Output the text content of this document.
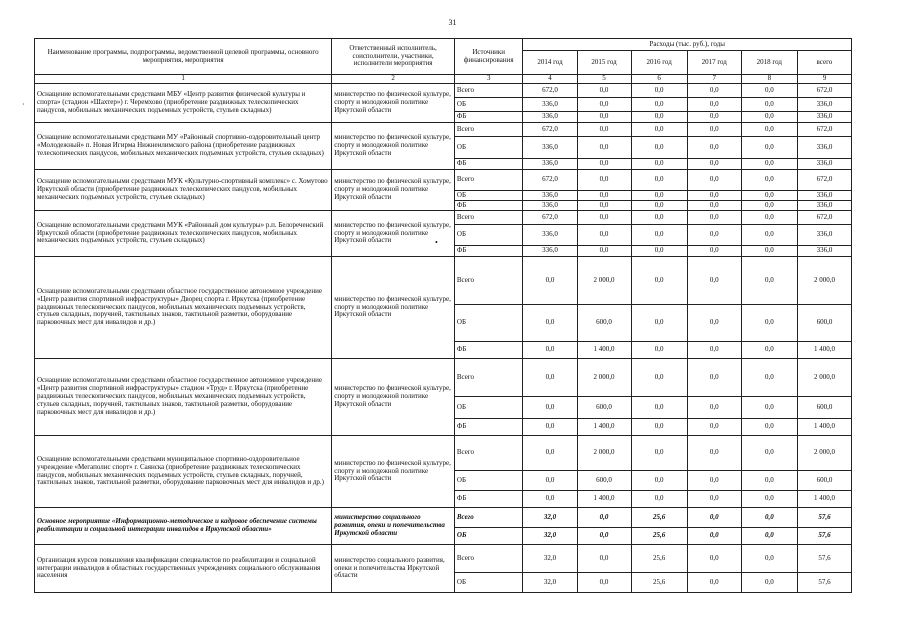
31
·
•
Наименование программы, подпрограммы, ведомственной целевой программы, основного мероприятия, мероприятия	Ответственный исполнитель, соисполнители, участники, исполнители мероприятия	Источники финансирования	Расходы (тыс. руб.), годы					
			2014 год	2015 год	2016 год	2017 год	2018 год	всего
1	2	3	4	5	6	7	8	9
Оснащение вспомогательными средствами МБУ «Центр развития физической культуры и спорта» (стадион «Шахтер») г. Черемхово (приобретение раздвижных телескопических пандусов, мобильных механических подъемных устройств, стульев складных)	министерство по физической культуре, спорту и молодежной политике Иркутской области	Всего	672,0	0,0	0,0	0,0	0,0	672,0
		ОБ	336,0	0,0	0,0	0,0	0,0	336,0
		ФБ	336,0	0,0	0,0	0,0	0,0	336,0
Оснащение вспомогательными средствами МУ «Районный спортивно-оздоровительный центр «Молодежный» п. Новая Игирма Нижнеилимского района (приобретение раздвижных телескопических пандусов, мобильных механических подъемных устройств, стульев складных)	министерство по физической культуре, спорту и молодежной политике Иркутской области	Всего	672,0	0,0	0,0	0,0	0,0	672,0
		ОБ	336,0	0,0	0,0	0,0	0,0	336,0
		ФБ	336,0	0,0	0,0	0,0	0,0	336,0
Оснащение вспомогательными средствами МУК «Культурно-спортивный комплекс» с. Хомутово Иркутской области (приобретение раздвижных телескопических пандусов, мобильных механических подъемных устройств, стульев складных)	министерство по физической культуре, спорту и молодежной политике Иркутской области	Всего	672,0	0,0	0,0	0,0	0,0	672,0
		ОБ	336,0	0,0	0,0	0,0	0,0	336,0
		ФБ	336,0	0,0	0,0	0,0	0,0	336,0
Оснащение вспомогательными средствами МУК «Районный дом культуры» р.п. Белореченский Иркутской области (приобретение раздвижных телескопических пандусов, мобильных механических подъемных устройств, стульев складных)	министерство по физической культуре, спорту и молодежной политике Иркутской области	Всего	672,0	0,0	0,0	0,0	0,0	672,0
		ОБ	336,0	0,0	0,0	0,0	0,0	336,0
		ФБ	336,0	0,0	0,0	0,0	0,0	336,0
Оснащение вспомогательными средствами областное государственное автономное учреждение «Центр развития спортивной инфраструктуры» Дворец спорта г. Иркутска (приобретение раздвижных телескопических пандусов, мобильных механических подъемных устройств, стульев складных, поручней, тактильных знаков, тактильной разметки, оборудование парковочных мест для инвалидов и др.)	министерство по физической культуре, спорту и молодежной политике Иркутской области	Всего	0,0	2 000,0	0,0	0,0	0,0	2 000,0
		ОБ	0,0	600,0	0,0	0,0	0,0	600,0
		ФБ	0,0	1 400,0	0,0	0,0	0,0	1 400,0
Оснащение вспомогательными средствами областное государственное автономное учреждение «Центр развития спортивной инфраструктуры» стадион «Труд» г. Иркутска (приобретение раздвижных телескопических пандусов, мобильных механических подъемных устройств, стульев складных, поручней, тактильных знаков, тактильной разметки, оборудование парковочных мест для инвалидов и др.)	министерство по физической культуре, спорту и молодежной политике Иркутской области	Всего	0,0	2 000,0	0,0	0,0	0,0	2 000,0
		ОБ	0,0	600,0	0,0	0,0	0,0	600,0
		ФБ	0,0	1 400,0	0,0	0,0	0,0	1 400,0
Оснащение вспомогательными средствами муниципальное спортивно-оздоровительное учреждение «Мегаполис спорт» г. Саянска (приобретение раздвижных телескопических пандусов, мобильных механических подъемных устройств, стульев складных, поручней, тактильных знаков, тактильной разметки, оборудование парковочных мест для инвалидов и др.)	министерство по физической культуре, спорту и молодежной политике Иркутской области	Всего	0,0	2 000,0	0,0	0,0	0,0	2 000,0
		ОБ	0,0	600,0	0,0	0,0	0,0	600,0
		ФБ	0,0	1 400,0	0,0	0,0	0,0	1 400,0
Основное мероприятие «Информационно-методическое и кадровое обеспечение системы реабилитации и социальной интеграции инвалидов в Иркутской области»	министерство социального развития, опеки и попечительства Иркутской области	Всего	32,0	0,0	25,6	0,0	0,0	57,6
		ОБ	32,0	0,0	25,6	0,0	0,0	57,6
Организация курсов повышения квалификации специалистов по реабилитации и социальной интеграции инвалидов в областных государственных учреждениях социального обслуживания населения	министерство социального развития, опеки и попечительства Иркутской области	Всего	32,0	0,0	25,6	0,0	0,0	57,6
		ОБ	32,0	0,0	25,6	0,0	0,0	57,6
